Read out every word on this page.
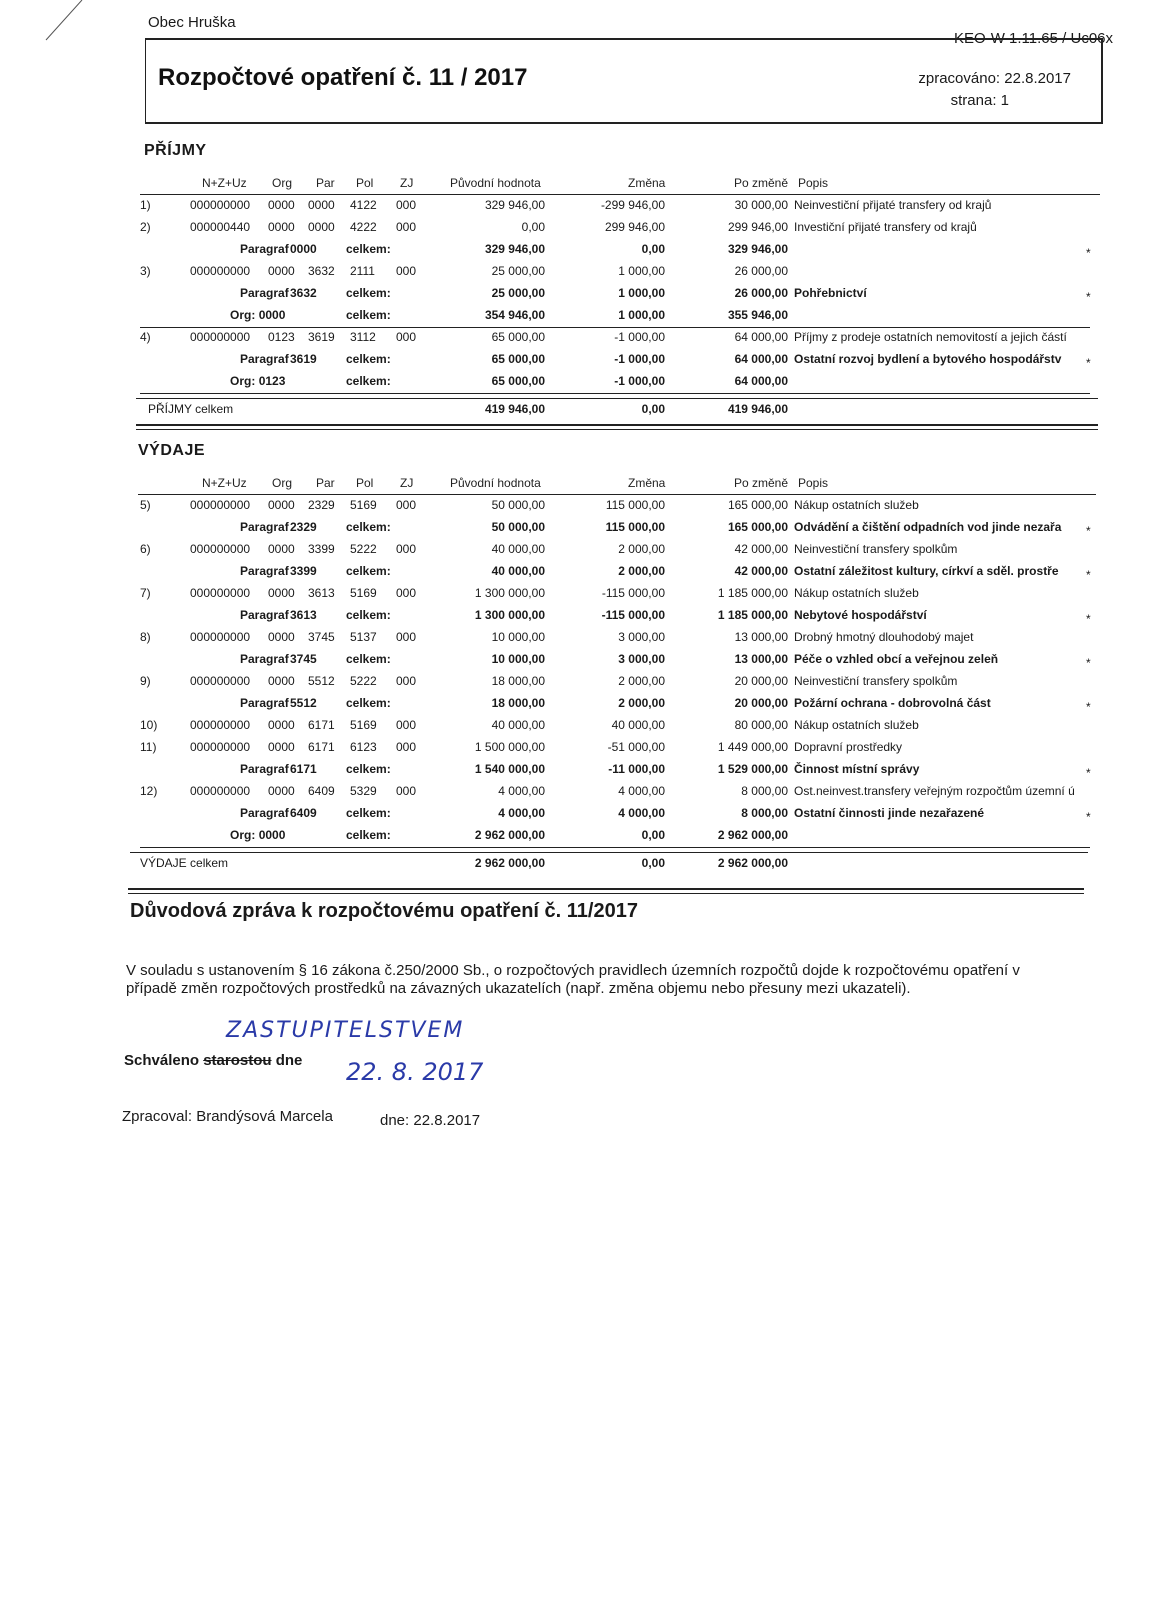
Obec Hruška
KEO-W 1.11.65 / Uc06x
Rozpočtové opatření č. 11 / 2017	zpracováno: 22.8.2017
strana: 1
PŘÍJMY
N+Z+Uz Org Par Pol ZJ	Původní hodnota	Změna	Po změně Popis
1)	000000000 0000 0000 4122 000	329 946,00	-299 946,00	30 000,00 Neinvestiční přijaté transfery od krajů
2)	000000440 0000 0000 4222 000	0,00	299 946,00	299 946,00 Investiční přijaté transfery od krajů
Paragraf 0000 celkem:	329 946,00	0,00	329 946,00	*
3)	000000000 0000 3632 2111 000	25 000,00	1 000,00	26 000,00
Paragraf 3632 celkem:	25 000,00	1 000,00	26 000,00 Pohřebnictví	*
Org: 0000	celkem:	354 946,00	1 000,00	355 946,00
4)	000000000 0123 3619 3112 000	65 000,00	-1 000,00	64 000,00 Příjmy z prodeje ostatních nemovitostí a jejich částí
Paragraf 3619 celkem:	65 000,00	-1 000,00	64 000,00 Ostatní rozvoj bydlení a bytového hospodářstv *
Org: 0123	celkem:	65 000,00	-1 000,00	64 000,00
PŘÍJMY celkem	419 946,00	0,00	419 946,00
VÝDAJE
N+Z+Uz Org Par Pol ZJ	Původní hodnota	Změna	Po změně Popis
5)	000000000 0000 2329 5169 000	50 000,00	115 000,00	165 000,00 Nákup ostatních služeb
Paragraf 2329 celkem:	50 000,00	115 000,00	165 000,00 Odvádění a čištění odpadních vod jinde nezařa *
6)	000000000 0000 3399 5222 000	40 000,00	2 000,00	42 000,00 Neinvestiční transfery spolkům
Paragraf 3399 celkem:	40 000,00	2 000,00	42 000,00 Ostatní záležitost kultury, církví a sděl. prostře *
7)	000000000 0000 3613 5169 000	1 300 000,00	-115 000,00	1 185 000,00 Nákup ostatních služeb
Paragraf 3613 celkem:	1 300 000,00	-115 000,00	1 185 000,00 Nebytové hospodářství	*
8)	000000000 0000 3745 5137 000	10 000,00	3 000,00	13 000,00 Drobný hmotný dlouhodobý majet
Paragraf 3745 celkem:	10 000,00	3 000,00	13 000,00 Péče o vzhled obcí a veřejnou zeleň	*
9)	000000000 0000 5512 5222 000	18 000,00	2 000,00	20 000,00 Neinvestiční transfery spolkům
Paragraf 5512 celkem:	18 000,00	2 000,00	20 000,00 Požární ochrana - dobrovolná část	*
10)	000000000 0000 6171 5169 000	40 000,00	40 000,00	80 000,00 Nákup ostatních služeb
11)	000000000 0000 6171 6123 000	1 500 000,00	-51 000,00	1 449 000,00 Dopravní prostředky
Paragraf 6171 celkem:	1 540 000,00	-11 000,00	1 529 000,00 Činnost místní správy	*
12)	000000000 0000 6409 5329 000	4 000,00	4 000,00	8 000,00 Ost.neinvest.transfery veřejným rozpočtům územní ú
Paragraf 6409 celkem:	4 000,00	4 000,00	8 000,00 Ostatní činnosti jinde nezařazené	*
Org: 0000	celkem:	2 962 000,00	0,00	2 962 000,00
VÝDAJE celkem	2 962 000,00	0,00	2 962 000,00
Důvodová zpráva k rozpočtovému opatření č. 11/2017
V souladu s ustanovením § 16 zákona č.250/2000 Sb., o rozpočtových pravidlech územních rozpočtů dojde k rozpočtovému opatření v případě změn rozpočtových prostředků na závazných ukazatelích (např. změna objemu nebo přesuny mezi ukazateli).
ZASTUPITELSTVEM
Schváleno starostou dne 22. 8. 2017
Zpracoval: Brandýsová Marcela	dne: 22.8.2017
